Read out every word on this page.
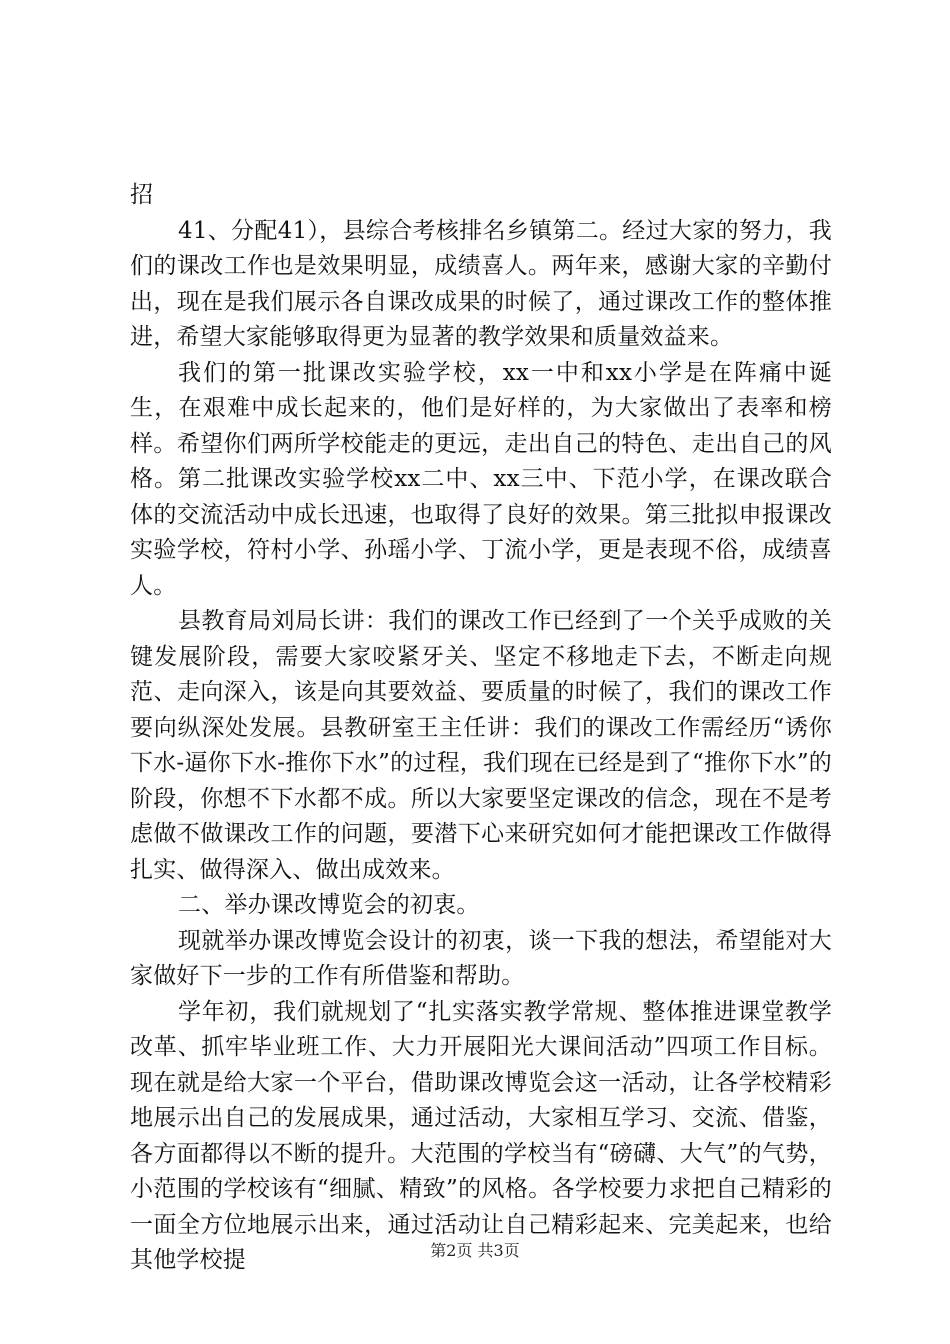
招

41、分配41），县综合考核排名乡镇第二。经过大家的努力，我们的课改工作也是效果明显，成绩喜人。两年来，感谢大家的辛勤付出，现在是我们展示各自课改成果的时候了，通过课改工作的整体推进，希望大家能够取得更为显著的教学效果和质量效益来。

我们的第一批课改实验学校，xx一中和xx小学是在阵痛中诞生，在艰难中成长起来的，他们是好样的，为大家做出了表率和榜样。希望你们两所学校能走的更远，走出自己的特色、走出自己的风格。第二批课改实验学校xx二中、xx三中、下范小学，在课改联合体的交流活动中成长迅速，也取得了良好的效果。第三批拟申报课改实验学校，符村小学、孙瑶小学、丁流小学，更是表现不俗，成绩喜人。

县教育局刘局长讲：我们的课改工作已经到了一个关乎成败的关键发展阶段，需要大家咬紧牙关、坚定不移地走下去，不断走向规范、走向深入，该是向其要效益、要质量的时候了，我们的课改工作要向纵深处发展。县教研室王主任讲：我们的课改工作需经历“诱你下水-逼你下水-推你下水”的过程，我们现在已经是到了“推你下水”的阶段，你想不下水都不成。所以大家要坚定课改的信念，现在不是考虑做不做课改工作的问题，要潜下心来研究如何才能把课改工作做得扎实、做得深入、做出成效来。

二、举办课改博览会的初衷。

现就举办课改博览会设计的初衷，谈一下我的想法，希望能对大家做好下一步的工作有所借鉴和帮助。

学年初，我们就规划了“扎实落实教学常规、整体推进课堂教学改革、抓牢毕业班工作、大力开展阳光大课间活动”四项工作目标。现在就是给大家一个平台，借助课改博览会这一活动，让各学校精彩地展示出自己的发展成果，通过活动，大家相互学习、交流、借鉴，各方面都得以不断的提升。大范围的学校当有“磅礴、大气”的气势，小范围的学校该有“细腻、精致”的风格。各学校要力求把自己精彩的一面全方位地展示出来，通过活动让自己精彩起来、完美起来，也给其他学校提	第2页 共3页
